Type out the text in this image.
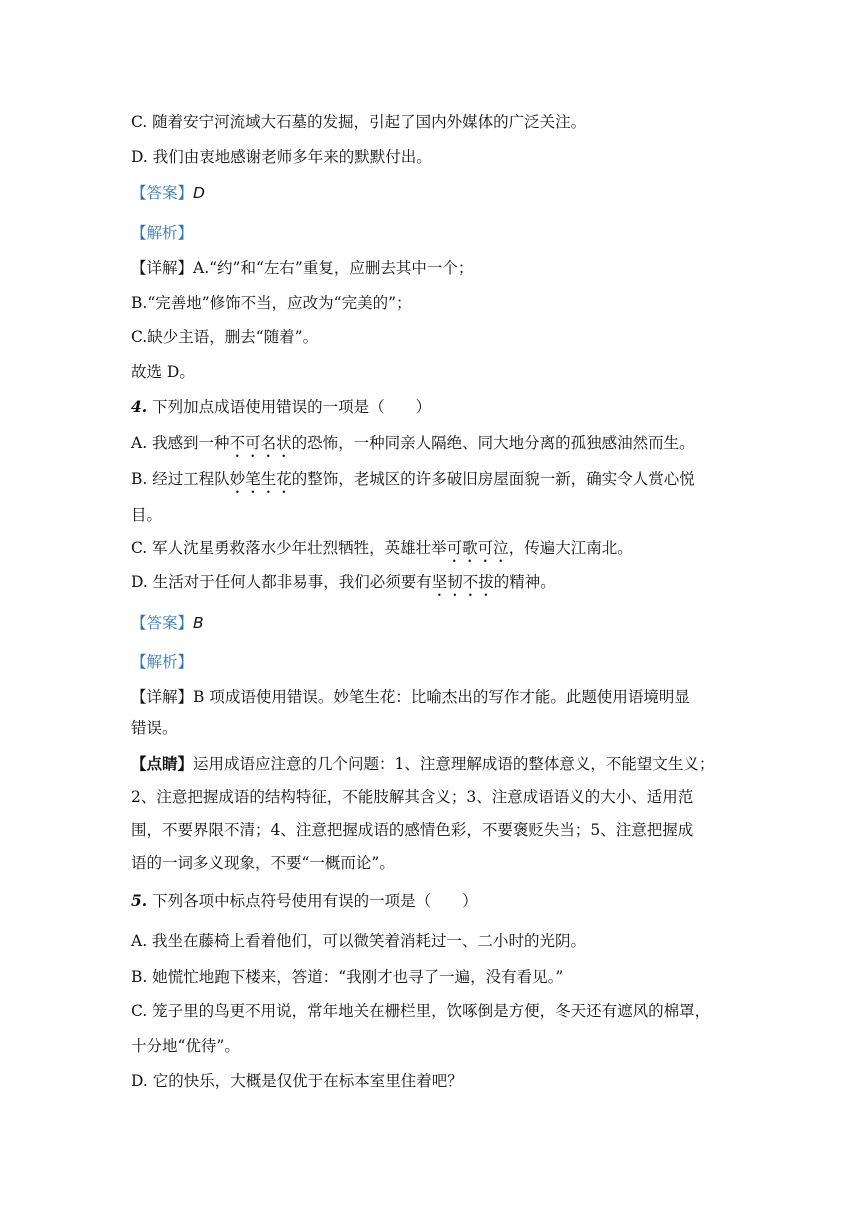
C. 随着安宁河流域大石墓的发掘，引起了国内外媒体的广泛关注。
D. 我们由衷地感谢老师多年来的默默付出。
【答案】D
【解析】
【详解】A.“约”和“左右”重复，应删去其中一个；
B.“完善地”修饰不当，应改为“完美的”；
C.缺少主语，删去“随着”。
故选 D。
4. 下列加点成语使用错误的一项是（　　）
A. 我感到一种不可名状的恐怖，一种同亲人隔绝、同大地分离的孤独感油然而生。
B. 经过工程队妙笔生花的整饰，老城区的许多破旧房屋面貌一新，确实令人赏心悦
目。
C. 军人沈星勇救落水少年壮烈牺牲，英雄壮举可歌可泣，传遍大江南北。
D. 生活对于任何人都非易事，我们必须要有坚韧不拔的精神。
【答案】B
【解析】
【详解】B 项成语使用错误。妙笔生花：比喻杰出的写作才能。此题使用语境明显
错误。
【点睛】运用成语应注意的几个问题：1、注意理解成语的整体意义，不能望文生义；
2、注意把握成语的结构特征，不能肢解其含义；3、注意成语语义的大小、适用范
围，不要界限不清；4、注意把握成语的感情色彩，不要褒贬失当；5、注意把握成
语的一词多义现象，不要“一概而论”。
5. 下列各项中标点符号使用有误的一项是（　　）
A. 我坐在藤椅上看着他们，可以微笑着消耗过一、二小时的光阴。
B. 她慌忙地跑下楼来，答道：“我刚才也寻了一遍，没有看见。”
C. 笼子里的鸟更不用说，常年地关在栅栏里，饮啄倒是方便，冬天还有遮风的棉罩，
十分地“优待”。
D. 它的快乐，大概是仅优于在标本室里住着吧？
